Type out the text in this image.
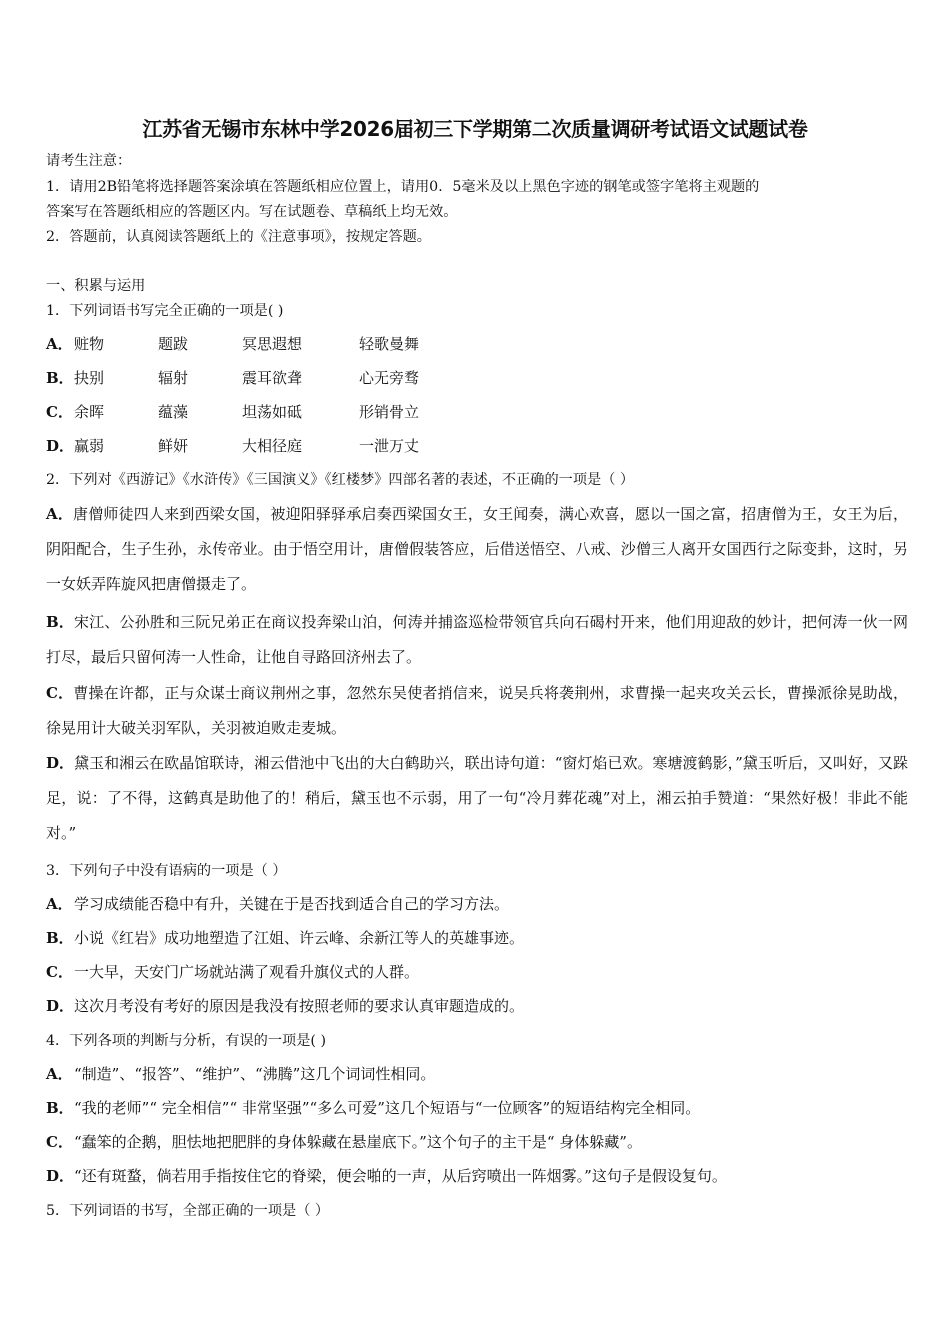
江苏省无锡市东林中学2026届初三下学期第二次质量调研考试语文试题试卷
请考生注意：
1．请用2B铅笔将选择题答案涂填在答题纸相应位置上，请用0．5毫米及以上黑色字迹的钢笔或签字笔将主观题的
答案写在答题纸相应的答题区内。写在试题卷、草稿纸上均无效。
2．答题前，认真阅读答题纸上的《注意事项》，按规定答题。
一、积累与运用
1．下列词语书写完全正确的一项是( )
A． 赃物	题跋	冥思遐想	轻歌曼舞
B． 抉别	辐射	震耳欲聋	心无旁骛
C． 余晖	蕴藻	坦荡如砥	形销骨立
D． 赢弱	鲜妍	大相径庭	一泄万丈
2．下列对《西游记》《水浒传》《三国演义》《红楼梦》四部名著的表述，不正确的一项是（ ）
A．唐僧师徒四人来到西梁女国，被迎阳驿驿承启奏西梁国女王，女王闻奏，满心欢喜，愿以一国之富，招唐僧为王，女王为后，阴阳配合，生子生孙，永传帝业。由于悟空用计，唐僧假装答应，后借送悟空、八戒、沙僧三人离开女国西行之际变卦，这时，另一女妖弄阵旋风把唐僧摄走了。
B．宋江、公孙胜和三阮兄弟正在商议投奔梁山泊，何涛并捕盗巡检带领官兵向石碣村开来，他们用迎敌的妙计，把何涛一伙一网打尽，最后只留何涛一人性命，让他自寻路回济州去了。
C．曹操在许都，正与众谋士商议荆州之事，忽然东吴使者捎信来，说吴兵将袭荆州，求曹操一起夹攻关云长，曹操派徐晃助战，徐晃用计大破关羽军队，关羽被迫败走麦城。
D．黛玉和湘云在欧晶馆联诗，湘云借池中飞出的大白鹤助兴，联出诗句道：“窗灯焰已欢。寒塘渡鹤影，”黛玉听后，又叫好，又跺足，说：了不得，这鹤真是助他了的！稍后，黛玉也不示弱，用了一句“冷月葬花魂”对上，湘云拍手赞道：“果然好极！非此不能对。”
3．下列句子中没有语病的一项是（ ）
A．学习成绩能否稳中有升，关键在于是否找到适合自己的学习方法。
B．小说《红岩》成功地塑造了江姐、许云峰、余新江等人的英雄事迹。
C．一大早，天安门广场就站满了观看升旗仪式的人群。
D．这次月考没有考好的原因是我没有按照老师的要求认真审题造成的。
4．下列各项的判断与分析，有误的一项是( )
A．“制造”、“报答”、“维护”、“沸腾”这几个词词性相同。
B．“我的老师”“ 完全相信”“ 非常坚强”“多么可爱”这几个短语与“一位顾客”的短语结构完全相同。
C．“蠢笨的企鹅，胆怯地把肥胖的身体躲藏在悬崖底下。”这个句子的主干是“ 身体躲藏”。
D．“还有斑蝥，倘若用手指按住它的脊梁，便会啪的一声，从后窍喷出一阵烟雾。”这句子是假设复句。
5．下列词语的书写，全部正确的一项是（ ）
